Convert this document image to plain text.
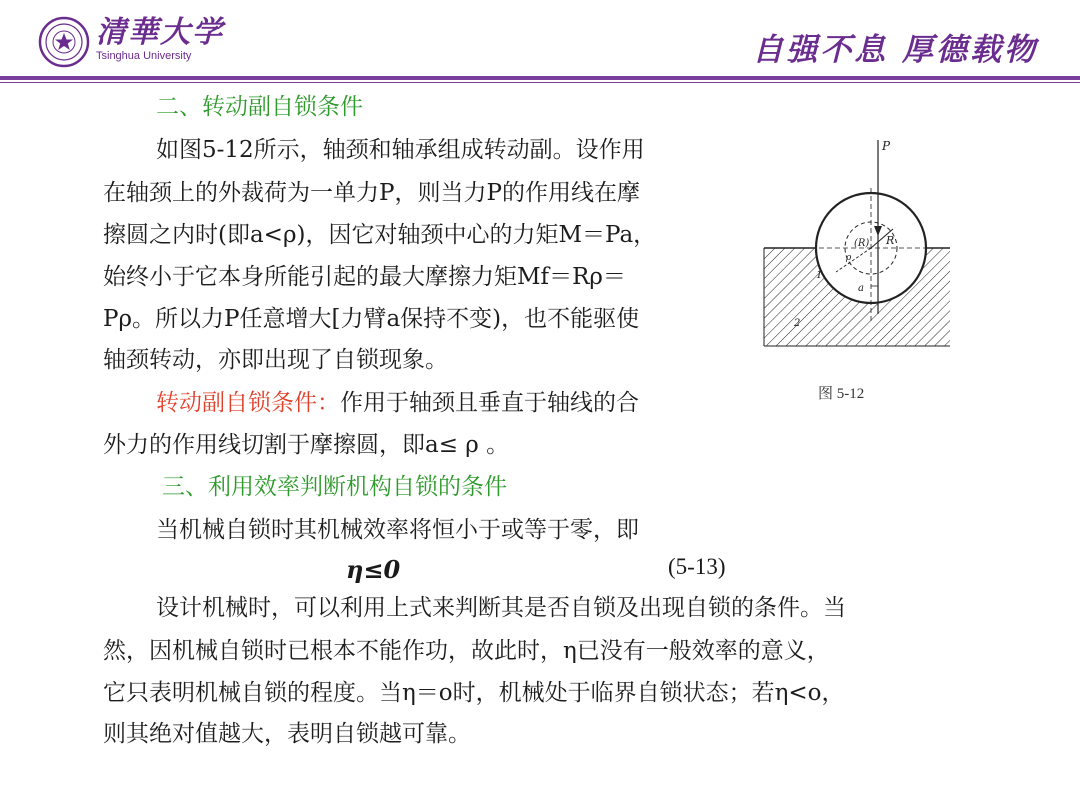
清華大学
Tsinghua University	自强不息 厚德载物
二、转动副自锁条件
如图5-12所示，轴颈和轴承组成转动副。设作用
在轴颈上的外裁荷为一单力P，则当力P的作用线在摩
擦圆之内时(即a<ρ)，因它对轴颈中心的力矩M＝Pa，
始终小于它本身所能引起的最大摩擦力矩Mf＝Rρ＝
Pρ。所以力P任意增大[力臂a保持不变)，也不能驱使
轴颈转动，亦即出现了自锁现象。
转动副自锁条件：作用于轴颈且垂直于轴线的合
外力的作用线切割于摩擦圆，即a≤ ρ 。
三、利用效率判断机构自锁的条件
当机械自锁时其机械效率将恒小于或等于零，即
η≤0	(5-13)
设计机械时，可以利用上式来判断其是否自锁及出现自锁的条件。当
然，因机械自锁时已根本不能作功，故此时，η已没有一般效率的意义，
它只表明机械自锁的程度。当η＝o时，机械处于临界自锁状态；若η<o，
则其绝对值越大，表明自锁越可靠。
P
(R) R
a
ρ
1
2
图 5-12
